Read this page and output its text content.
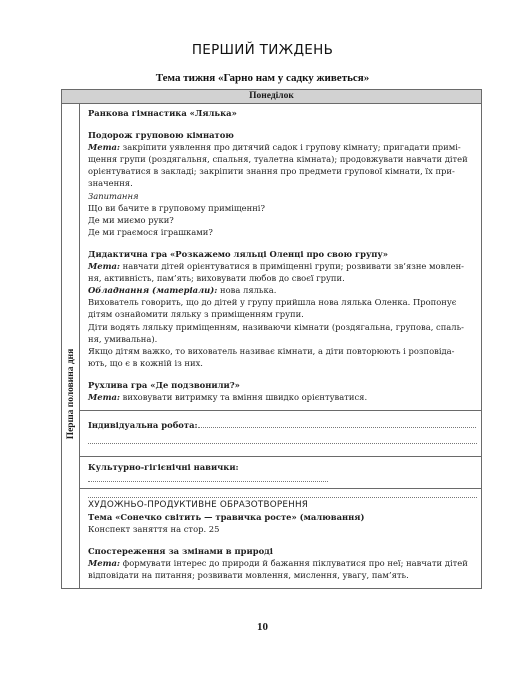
ПЕРШИЙ ТИЖДЕНЬ
Тема тижня «Гарно нам у садку живеться»
Понеділок
Перша половина дня

Ранкова гімнастика «Лялька»

Подорож груповою кімнатою

Мета: закріпити уявлення про дитячий садок і групову кімнату; пригадати примі-

щення групи (роздягальня, спальня, туалетна кімната); продовжувати навчати дітей

орієнтуватися в закладі; закріпити знання про предмети групової кімнати, їх при-

значення.

Запитання

Що ви бачите в груповому приміщенні?

Де ми миємо руки?

Де ми граємося іграшками?

Дидактична гра «Розкажемо ляльці Оленці про свою групу»

Мета: навчати дітей орієнтуватися в приміщенні групи; розвивати зв’язне мовлен-

ня, активність, пам’ять; виховувати любов до своєї групи.

Обладнання (матеріали): нова лялька.

Вихователь говорить, що до дітей у групу прийшла нова лялька Оленка. Пропонує

дітям ознайомити ляльку з приміщенням групи.

Діти водять ляльку приміщенням, називаючи кімнати (роздягальна, групова, спаль-

ня, умивальна).

Якщо дітям важко, то вихователь називає кімнати, а діти повторюють і розповіда-

ють, що є в кожній із них.

Рухлива гра «Де подзвонили?»

Мета: виховувати витримку та вміння швидко орієнтуватися.

Індивідуальна робота:

Культурно-гігієнічні навички:

ХУДОЖНЬО-ПРОДУКТИВНЕ ОБРАЗОТВОРЕННЯ

Тема «Сонечко світить — травичка росте» (малювання)

Конспект заняття на стор. 25

Спостереження за змінами в природі

Мета: формувати інтерес до природи й бажання піклуватися про неї; навчати дітей

відповідати на питання; розвивати мовлення, мислення, увагу, пам’ять.

10
